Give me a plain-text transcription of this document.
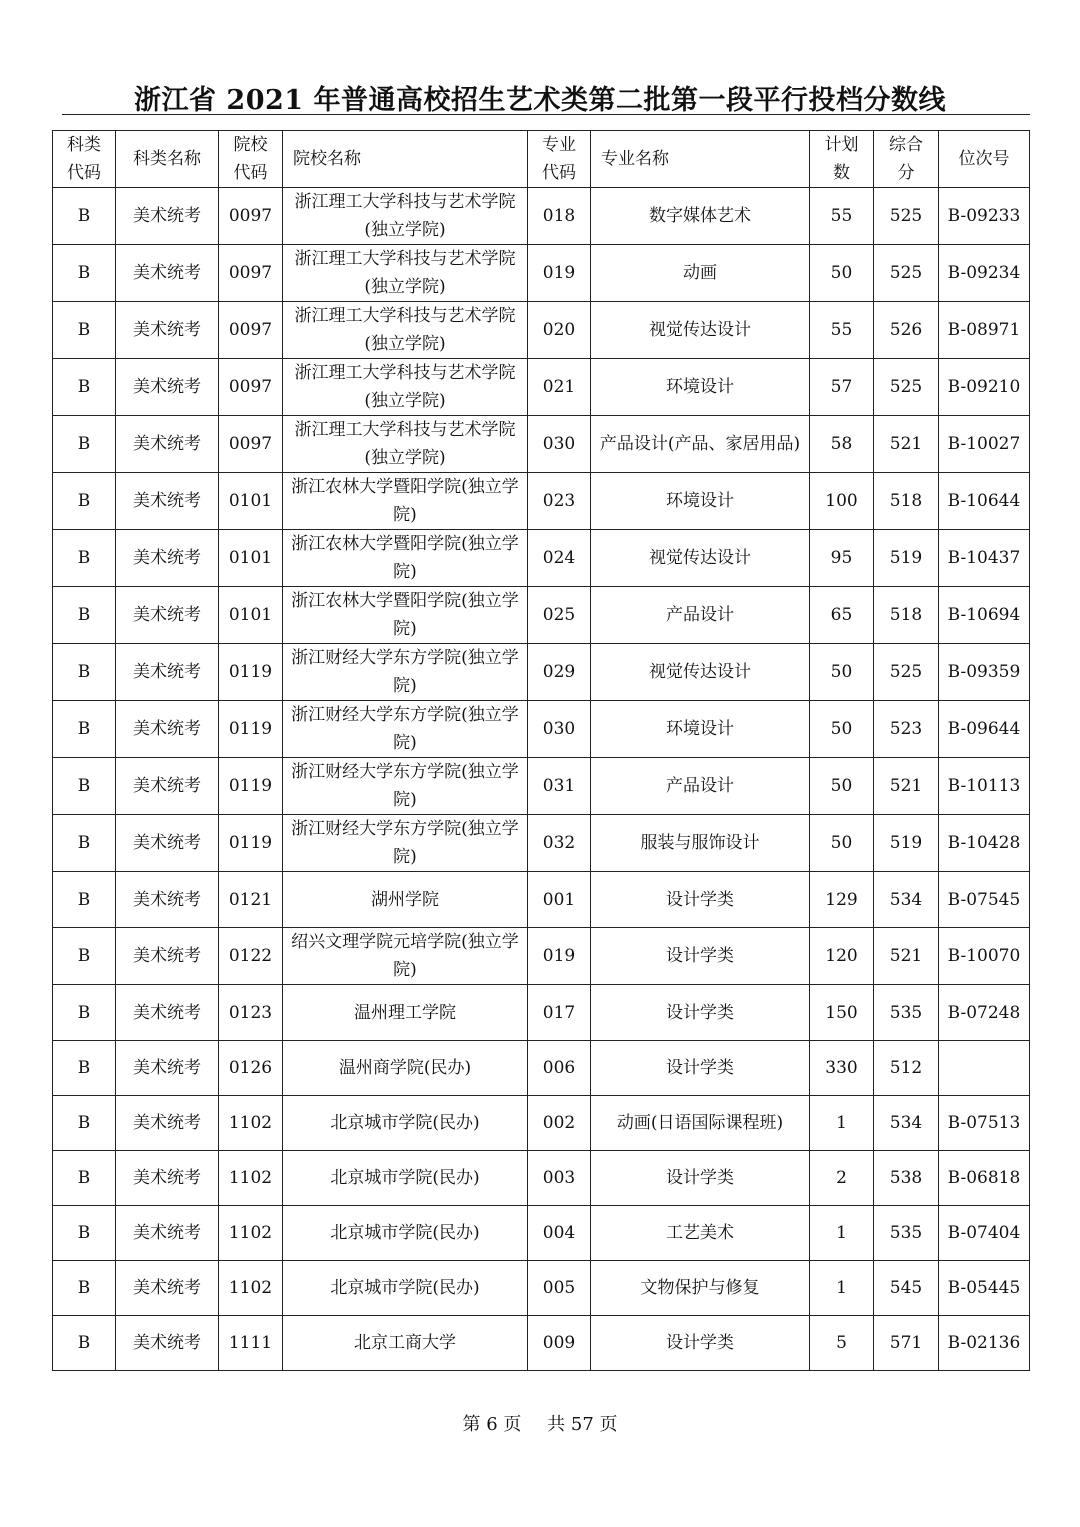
浙江省 2021 年普通高校招生艺术类第二批第一段平行投档分数线
科类代码	科类名称	院校代码	院校名称	专业代码	专业名称	计划数	综合分	位次号
B	美术统考	0097	浙江理工大学科技与艺术学院(独立学院)	018	数字媒体艺术	55	525	B-09233
B	美术统考	0097	浙江理工大学科技与艺术学院(独立学院)	019	动画	50	525	B-09234
B	美术统考	0097	浙江理工大学科技与艺术学院(独立学院)	020	视觉传达设计	55	526	B-08971
B	美术统考	0097	浙江理工大学科技与艺术学院(独立学院)	021	环境设计	57	525	B-09210
B	美术统考	0097	浙江理工大学科技与艺术学院(独立学院)	030	产品设计(产品、家居用品)	58	521	B-10027
B	美术统考	0101	浙江农林大学暨阳学院(独立学院)	023	环境设计	100	518	B-10644
B	美术统考	0101	浙江农林大学暨阳学院(独立学院)	024	视觉传达设计	95	519	B-10437
B	美术统考	0101	浙江农林大学暨阳学院(独立学院)	025	产品设计	65	518	B-10694
B	美术统考	0119	浙江财经大学东方学院(独立学院)	029	视觉传达设计	50	525	B-09359
B	美术统考	0119	浙江财经大学东方学院(独立学院)	030	环境设计	50	523	B-09644
B	美术统考	0119	浙江财经大学东方学院(独立学院)	031	产品设计	50	521	B-10113
B	美术统考	0119	浙江财经大学东方学院(独立学院)	032	服装与服饰设计	50	519	B-10428
B	美术统考	0121	湖州学院	001	设计学类	129	534	B-07545
B	美术统考	0122	绍兴文理学院元培学院(独立学院)	019	设计学类	120	521	B-10070
B	美术统考	0123	温州理工学院	017	设计学类	150	535	B-07248
B	美术统考	0126	温州商学院(民办)	006	设计学类	330	512	
B	美术统考	1102	北京城市学院(民办)	002	动画(日语国际课程班)	1	534	B-07513
B	美术统考	1102	北京城市学院(民办)	003	设计学类	2	538	B-06818
B	美术统考	1102	北京城市学院(民办)	004	工艺美术	1	535	B-07404
B	美术统考	1102	北京城市学院(民办)	005	文物保护与修复	1	545	B-05445
B	美术统考	1111	北京工商大学	009	设计学类	5	571	B-02136
第 6 页 共 57 页
